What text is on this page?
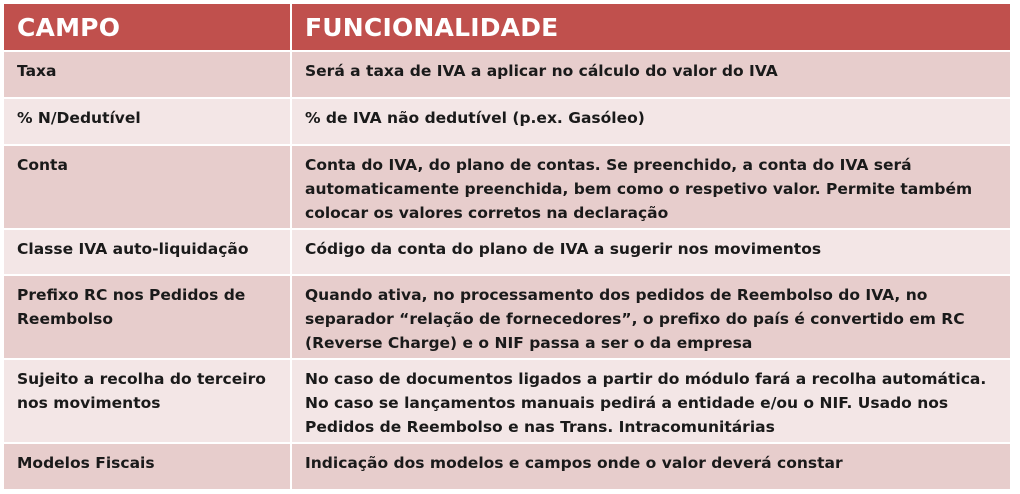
CAMPO	FUNCIONALIDADE
Taxa	Será a taxa de IVA a aplicar no cálculo do valor do IVA
% N/Dedutível	% de IVA não dedutível (p.ex. Gasóleo)
Conta	Conta do IVA, do plano de contas. Se preenchido, a conta do IVA será automaticamente preenchida, bem como o respetivo valor. Permite também colocar os valores corretos na declaração
Classe IVA auto-liquidação	Código da conta do plano de IVA a sugerir nos movimentos
Prefixo RC nos Pedidos de Reembolso	Quando ativa, no processamento dos pedidos de Reembolso do IVA, no separador “relação de fornecedores”, o prefixo do país é convertido em RC (Reverse Charge) e o NIF passa a ser o da empresa
Sujeito a recolha do terceiro nos movimentos	No caso de documentos ligados a partir do módulo fará a recolha automática. No caso se lançamentos manuais pedirá a entidade e/ou o NIF. Usado nos Pedidos de Reembolso e nas Trans. Intracomunitárias
Modelos Fiscais	Indicação dos modelos e campos onde o valor deverá constar
